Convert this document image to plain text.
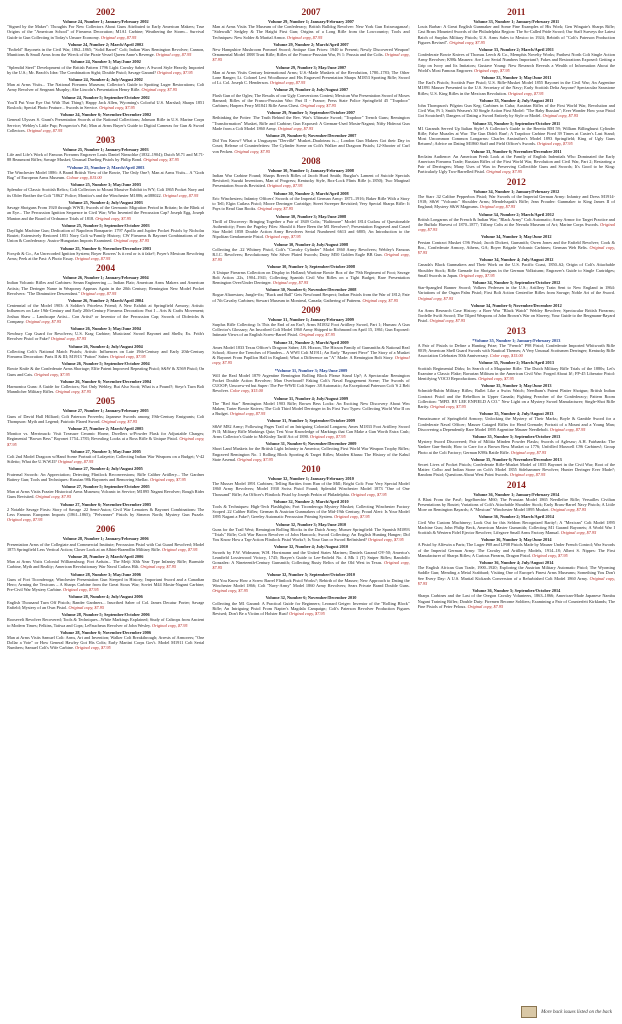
2002
Volume 24, Number 1; January/February 2002
"Signed by the Maker": Thoughts For New Collectors About Guns Attributed to Early American Makers; True Origins of the "American School" of Firearms Decoration; M1A1 Carbine; Weathering the Storm... Survival Guide to Gun Collecting in Today's Unsure Economy. Original copy, $7.95
Volume 24, Number 2; March/April 2002
"Enfield" Bayonets in the Civil War, 1862–1865; "Solid Barrel" Colt; Indian Wars Remington Revolver; Cannon, Munitions & Small Arms from the Wreck of the Pirate Vessel Queen Anne's Revenge. Original copy, $7.95
Volume 24, Number 3; May/June 2002
"Splendid Steel" Development of the British Pattern 1796 Light Cavalry Saber; A Sword Style Heavily Imported by the U.S.; Mr. Beach's Idea: The Combination Sight; Double Pistol; Savage Garand? Original copy, $7.95
Volume 24, Number 4; July/August 2002
Man at Arms Visits... The National Firearms Museum; Collector's Guide to Spotting Luger Restorations; Colt Army Revolver of Sergeant Murphy; Abe Lincoln's Presentation Henry Rifle. Original copy, $7.95
Volume 24, Number 5; September/October 2002
You'll Put Your Eye Out With That Thing!; Happy Jack Allen, Wyoming's Colorful U.S. Marshal; Sharps 1851 Boxlock; Special Photo Feature... Swords in Service. Original copy, $7.95
Volume 24, Number 6; November/December 2002
General Ulysses S. Grant's Presentation Swords at the National Collections; Johnson Rifle in U.S. Marine Corps Service; Webley's Little Pup; Prospector's Pal; Man at Arms Buyer's Guide to Digital Cameras for Gun & Sword Collectors. Original copy, $7.95
2003
Volume 25, Number 1; January/February 2003
Life and Life's Work of Famous Firearms Engraver Louis Daniel Nimschke (1832–1904); Dutch M.71 and M.71-88 Beaumont Rifles; Savage Musket; Unusual Dueling Pistols by Philip Bond. Original copy, $7.95
*Volume 25, Number 2; March/April 2003
The Winchester Model 1886: A Brand British View of the Bowie, The Only One?; Man at Arms Visits... A "Gods Bag" of European Arms Museum. Colour copy, $15.00
Volume 25, Number 3; May/June 2003
Splendor of Classic Scottish Relics; Colt Collectors to Mount Massive Exhibit in WY; Colt 1865 Pocket Navy and its Older Brother the Colt "1862" Police; Monitor's and the Winchester M1886; ar388022. Original copy, $7.95
Volume 25, Number 4; July/August 2003
Savage Shotguns From 1920 through WWII; Swords of the Germanic Migration Period in Britain; In the Blink of an Eye... The Percussion Ignition Sequence in Civil War; Who Invented the Percussion Cap? Joseph Egg, Joseph Manton and the Board of Ordnance Trials of 1818. Original copy, $7.95
Volume 25, Number 5; September/October 2003
Dayflight Machine Gun; Dedication of Napoleon Bonaparte: 1797 Apollo and Jupiter Pocket Pistols by Nicholas Boutet; Extensively Restored 1851 Navy Colt w/Family History; CW Firearms & Bayonet Combinations of the Union & Confederacy: Austro-Hungarian Imports Examined. Original copy, $7.95
Volume 25, Number 6; November/December 2003
Forsyth & Co., An Unrecorded Ignition System; Boyer Bowers' Is it real or is it fake?; Poyer's Mexican Revolving Arms; Peek at the Past: A Photo Essay. Original copy, $7.95
2004
Volume 26, Number 1; January/February 2004
Indian Volcanic Rifles and Carbines: Senan Engineering — Indian Flair; American Arms Makers and American Artists; The Deringer Name in Weaponry Appears Again in the 20th Century; Remington New Model Pocket Revolvers: "The Diminutive Descendant." Original copy, $7.95
Volume 26, Number 2; March/April 2004
Centennial of the Model 1903: A Soldier's Priceless Friend; A New Exhibit at Springfield Armory; Artistic Influences on Late 19th-Century and Early 20th-Century Firearms Decoration: Part I – Arts & Crafts Movement; Joshua Shaw – Landscape Artist... Con Artist? or Inventor of the Percussion Cap; Swords of Diderichs & Company. Original copy, $7.95
Volume 26, Number 3; May/June 2004
Newbury Cap Guard for Revolvers; U.S. Krag Carbine; Musicians' Sword Bayonet and Shells; Ex. Frith's Revolver Pistol or Fake? Original copy, $7.95
Volume 26, Number 4; July/August 2004
Collecting Colt's National Match Pistols; Artistic Influences on Late 19th-Century and Early 20th-Century Firearms Decoration: Parts II & III; M1913 "Patton" Saber. Original copy, $7.95
Volume 26, Number 5; September/October 2004
Bowie Knife & the Confederate Arms Shortage; Elfie Patent Improved Repeating Pistol; S&W & X569 Pistol; On Guns and Cats. Original copy, $7.95
Volume 26, Number 6; November/December 2004
Harmonica Guns: A Guide for Collectors; Not Only Webley, But Also Scott; What is a Pound?; Steyr's Turn Bolt Mannlicher Military Rifles. Original copy, $7.95
2005
Volume 27, Number 1; January/February 2005
Guns of David Hall Hilliard; Colt Paterson Proverbs; Japanese Swords among 19th-Century Emigrants; Colt Thompson: Myth and Legend; Patriotic Flared Sword. Original copy, $7.95
Volume 27, Number 2; March/April 2005
Monitor vs. Merrimack: Visit Treasure Ceramic Horne, Dwellers w/Powder Flask for Adjustable Charges; Regimental "Brown Bess" Bayonet 1754–1783; Revealing Looks at a Ross Rifle & Unique Pistol. Original copy, $7.95
Volume 27, Number 3; May/June 2005
Colt 2nd Model Dragoon w/Hand Scene Portrait of Lafayette; Collecting Indian War Weapons on a Budget; V-42 Stiletto; What the U.W.W.II? Original copy, $7.95
Volume 27, Number 4; July/August 2005
Fraternal Swords: An Appreciation; Detecting Flintlock Reconversions; Rifle Caliber Artillery... The Gardner Battery Gun; Tools and Techniques: Russian 98k Bayonets and Removing Shellac. Original copy, $7.95
Volume 27, Number 5; September/October 2005
Man at Arms Visits Frazier Historical Arms Museum; Volcanic in Service; M1895 Nagant Revolver; Rough Rider Guns Revisited. Original copy, $7.95
Volume 27, Number 6; November/December 2005
2 Notable Savage Firsts: Story of Savage .22 Semi-Autos; Civil War Lemaires & Bayonet Combinations: The Less Famous European Imports (1861–1865); "Pelvanner" Pistols by Simeon North; Mystery Gun Puzzle. Original copy, $7.95
2006
Volume 28, Number 1; January/February 2006
Presentation Arms of the Collegiate and Commercial Institute; Percussion Pistol with Cut Guard Revolved; Model 1875 Springfield Less Vertical Action; Closer Look at an Albini-Braendlin Military Rifle. Original copy, $7.95
Volume 28, Number 2; March/April 2006
Man at Arms Visits Colonial Williamsburg; Fort Arduin... The Meiji 30th Year Type Infantry Rifle; Burnside Carbine, Myth and Reality; American Revolutionary War Naval Cutlass Hilt. Original copy, $7.95
Volume 28, Number 3; May/June 2006
Guns of Fort Ticonderoga; Winchester Presentation Gun Steeped in History; Important Sword and a Canadian Hero; Arming the Texicans – A Sharps Carbine from the Great Sioux War; Soviet M44 Mosin-Nagant Carbine; Pre-Civil War Mystery Carbine. Original copy, $7.95
Volume 28, Number 4; July/August 2006
English Thousand Turn Off Pistols; Rander Gardners... Inscribed Saber of Col. James Decatur Porter; Savage Enfield; Mystery of an Own Pistol. Original copy, $7.95
Volume 28, Number 5; September/October 2006
Roosevelt Revolver Recovered; Tools & Techniques...White Markings Explained; Study of Caltrops from Ancient to Modern Times; Felkins, Tatiwa and Cops; LeFaucheux Revolver of John Wesley. Original copy, $7.95
Volume 28, Number 6; November/December 2006
Man at Arms Visits Samuel Colt: Arms, Art and Invention; Walker Colt Breakthrough; Arrests of Armorers; "One Dollar a Vote" or How General Hawley Got His Colts; Early Martini Corps Gov't. Model M1911 Colt Serial Numbers; Samuel Colt's Wife Carbine. Original copy, $7.95
2007
Volume 29, Number 1; January/February 2007
Man at Arms Visits The Museum of the Confederacy; British Bulldog Revolver: New York Gun Extravaganza!; "Sidewalk" Sedgley & The Haight First Gun; Origins of a Long Rifle from the Lowcountry; Tools and Techniques: New Solder & Marital Armor. Original copy, $7.95
Volume 29, Number 2; March/April 2007
New Hampshire Mushroom Pommel Sword; Antique Gun Prices: 1940 to Present; Newly Discovered Weapon! Ornamental Model 1888 Trust Rifle; Rifles of the Franco-Prussian War, Pt 1: Prussia and the Colts. Original copy, $7.95
Volume 29, Number 3; May/June 2007
Man at Arms Visits Century International Arms; U.S.-Made Muskets of the Revolution, 1780–1783; The Other Lone Ranger; Lt. Colonel Levi Woodhouse and His Engraved Presentation Sharps M1853 Sporting Rifle; Sword of Lt. Col. Joseph C. Henderson. Original copy, $7.95
Volume 29, Number 4; July/August 2007
Flash Gun of the Ogles; The Results of our Ugly Conversions Contest; Mexican War Presentation Sword of Moses Barnard; Rifles of the Franco-Prussian War: Part II - France; Press State Police Springfield 45 "Trapdoor" Carbines; Harpers Ferry M1841 Rifle Arms Chest. Original copy, $7.95
Volume 29, Number 5; September/October 2007
Rethinking the Potter: The Truth Behind the Rev. War's Ultimate Sword; "Trapdoor" Trench Guns; Remington "Transformation" Musket, Rifle and Carbine; Gun Exposed: A German-Used Mosin-Nagant; Nifty Hideout Gun Made from a Colt Model 1860 Army. Original copy, $7.95
Volume 29, Number 6; November/December 2007
Did You Know? What a Uruguayan "Dervillé" Musket–Dauloteau is...; London Gun Makers Got their Day in Court; Release of Counterfeiters: The Cylinder Scene on Colt's Walker and Dragoon Pistols; 12-Shooter of Curl von Pecken. Original copy, $7.95
2008
Volume 30, Number 1; January/February 2008
Indian War Carbine Found; Sharps Breech Rifles of Jacob Hurd Smith; Burglar's Lament of Suicide Specials Revisited; Suzuki Inventions, Man of Progress; Kentucky Style, Box-Lock Flints Rifle (c.1850); Two Marginal Presentation Swords Revisited. Original copy, $7.95
Volume 30, Number 2; March/April 2008
Eric Winchesters; Infantry Officers' Swords of the Imperial German Army: 1871–1916; Baker Rifle With a Story to Tell; Elgin Cutlass Pistol; Moore Derringer Cartridge; Street Sweeper Revisited; Very Special Sharps Rifle: It Pays to Read Gun Books. Original copy, $7.95
Volume 30, Number 3; May/June 2008
Thrill of Discovery: Bringing Together a Pair of 1849 Colts; "Baltimore" Model 1814 Cutlass of Questionable Authenticity; From the Pageloy Files: Should it Have Been the M1 Revolver?; Presentation Engraved and Cased Star Model 1858 Double Action Army Revolvers Serial Numbered 6613 and 6805; An Introduction to the Nipolitan Gendarmerie Pistol. Original copy, $7.95
Volume 30, Number 4; July/August 2008
Collecting the .22 Whitney Pistol, Colt's "Cavalry Cylinder" Model 1860 Army Revolvers; Webley's Famous R.I.C. Revolvers; Revolutionary War Silver Plated Swords; Daisy M50 Golden Eagle BB Gun. Original copy, $7.95
Volume 30, Number 5; September/October 2008
A Unique Firearms Collection on Display in Holland; Wartime Bowie Box of the 79th Regiment of Foot; Savage Bolt Action .22s, 1904–1941; Collecting Spanish Civil War Rifles on a Tight Budget; Rare Presentation Remington Over/Under Derringer. Original copy, $7.95
Volume 30, Number 6; November/December 2008
Rogue Altarestars; Jungle-fix; "Buck and Ball" Gets Newfound Respect; Indian Pistols from the War of 1812; Fate of 7th Cavalry Carbines; Stewart Museum in Montreal, Canada; Gathering of Patterns. Original copy, $7.95
2009
Volume 31, Number 1; January/February 2009
Surplus Rifle Collecting: Is This the End of an Era?; Arms M1832 Foot Artillery Sword, Part 1; Human: A Gun Collector's Glossary; An Inscribed Colt Model 1860 Army Shipped to Richmond on April 15, 1861; Gun Exposed: Intimate Views of an English Screw-Barrel Pistol. Original copy, $7.95
Volume 31, Number 2; March/April 2009
Ames Model 1833 Texas Officer's Dragoon Saber; J.B. Hixson, The Hixson Family of Gunsmiths & National Real School; Above the Trenches of Flanders... A WWI Colt M1911; An Early "Bayonet Piece" The Story of a Musket & Bayonet From Papillon Hall in England; What a Difference an "A" Made: A Remington Bolt Story. Original copy, $7.95
*Volume 31, Number 3; May/June 2009
Will the Real Model 1879 Argentine Remington Rolling Block Please Stand Up?; A Spectacular Remington Pocket Double Action Revolver; Man Overboard! Faking Colt's Naval Engagement Scene; The Swords of CUOOP; Unscrew-ed but Super: The Pre-WWII Colt Super .38 Automatic; An Exceptional Paterson Colt 'S 2 Belt Revolver. Color copy, $15.00
Volume 31, Number 4; July/August 2009
The "Red Star" Remington Model 1903 Rifle; Brown Bess Locks: An Exciting New Discovery About Wm Maken; Tarter Bowie Knives; The Colt Third Model Derringer in Its First Two Types: Collecting World War II on a Budget. Original copy, $7.95
Volume 31, Number 5; September/October 2009
S&W M82 Army; Following Pages Trail of an Intriguing Colonial Longarm; Ames M1833 Foot Artillery Sword Pt II; Military Rifle Markings Quiz; Test Your Knowledge of Markings that Can Make a Gun Worth Extra Cash; Arms Collector's Guide to McKinley Tariff Act of 1890. Original copy, $7.95
Volume 31, Number 6; November/December 2009
Short Land Muskets for the British Light Infantry in America; Collecting First World War Weapon Trophy Rifles; Engraved Remington No. 1 Rolling Block Sporting & Target Rifles; Maiden Khana: The History of the Kabul State Arsenal. Original copy, $7.95
2010
Volume 32, Number 1; January/February 2010
The Musser Model 1891 Carbines; Telling Rarities from Run of the Mill; Bright Colt: Four Very Special Model 1860 Army Revolvers; Model 1930 Swiss Pistol Found; Splendid Winchester Model 1873 "One of One Thousand" Rifle; An Officer's Flintlock Pistol by Joseph Perkin of Philadelphia. Original copy, $7.95
Volume 32, Number 2; March/April 2010
Tools & Techniques: High-Tech Flashlights; Fort Ticonderoga Mystery Musket; Collecting Winchester Factory Scoped .22 Caliber Rifles; German & Austrian Gunmakers of the Mid-19th Century; Proud Alert: Is Your Model 1895 Nagant a Fake?; Greeley Automatic Percussion Priming System. Original copy, $7.95
Volume 32, Number 3; May/June 2010
Guns for the Trail West; Remington Rolling Blocks in the Dutch Army; Musser Springfield: The Spanish M1893 "Trials" Rifle; Colt War Bacon Revolver of John Hancock; Sword Collecting: An English Hunting Hanger; Did You Know How a Tap-Action Flintlock Pistol Works?; Is Your Gun or Sword Refinished? Original copy, $7.95
Volume 32, Number 4; July/August 2010
Swords by F.W. Widmann; W.H. Horstmann and the United States Marines; Daniels Garand OV-50; America's Leanfield Lossiewood Victory, 1745; Brayer's Guide to Lee-Enfield No. 4 Mk 1 (T) Sniper Rifles; Randolfo Gonzalez: A Nineteenth-Century Gunsmith; Collecting Rusty Relics of the Old West in Texas. Original copy, $7.95
Volume 32, Number 5; September/October 2010
Did You Know How a Screw Barrel Flintlock Pistol Works?; Rebirth of the Mauser; New Approach to Dating the Winchester Model 1866; Colt "Navy-Army" Model 1860 Army Revolvers; Sears Private Brand Double Guns. Original copy, $7.95
Volume 32, Number 6; November/December 2010
Collecting the M1 Garand: A Practical Guide for Beginners; Leonard Geiger: Inventor of the "Rolling Block" Rifle; An Intriguing Pistol From Napier's Magdala Campaign; Colt's Paterson Revolver Production Figures Revised; Don't Be a Victim of Holster Rust! Original copy, $7.95
2011
Volume 33, Number 1; January/February 2011
Louis Barbar: A Great English Gunmaker and Some Fine Examples of His Work; Gen Wingate's Sharps Rifle; Cast Brass Mounted Swords of the Philadelphia Region: The So-Called Pride Sword; Our Staff Surveys the Latest Batch of Surplus Military Pistols; U.S. Arms Sales to Mexico in 1924; Rebirth of "Colt's Paterson Production Figures Revised". Original copy, $7.95
Volume 33, Number 2; March/April 2011
Confederate Bowie Knives of Thomas Leech & Co., Memphis Novelty Works; Parthest North Colt Single Action Army Revolver; K98k Mausers: Are Low Serial Numbers Important?; Fakes and Restorations Exposed: Getting a Grip on Ivory and Its Imitators; Gustave Young: New Research Reveals a Wealth of Information About the World's Most Famous Engraver. Original copy, $7.95
Volume 33, Number 3; May/June 2011
The Earl's Pistols; Scottish Pure Pistol; U.S. Rifle-Musket Model 1855 Bayonet in the Civil War; An Argentine M1891 Mauser Presented to the U.S. Secretary of the Navy; Early Scottish Delta Anyone? Spectacular Sarastone Rifles; U.S. King Rifles in the Mexican Revolution. Original copy, $7.95
Volume 33, Number 4; July/August 2011
John Thompson's Pilgrim Gun Keg; Carbines in Cuba; Austrian Rifles of the First World War, Revolution and Civil War, Pt 1; Smith Weasen's 30 Single Action First Model: "The Baby Russian"; Ever Wonder How your Pistol Got Scratched?; Dangers of Dating a Sword Entirely by Style or Model. Original copy, $7.95
Volume 33, Number 5; September/October 2011
M1 Garands Served Up Italian Style! A Collector's Guide to the Beretta BM 59; William Billinghurst Cylinder Rifle; False Muzzles at War: The Gun Didn't Run!; A Trapdoor Carbine Fired 39 Times at Custer's Last Stand; Most Uncommon Common Longarms: Charles Anstruther's Model 1893 Springfield; King of Ugly Guns Returns!; Advice on Dating M1860 Staff and Field Officer's Swords. Original copy, $7.95
Volume 33, Number 6; November/December 2011
Reclaim Audience: An American Fresh Look at the Family of English Indentials Who Dominated the Early American Firearms Trade; Russian Rifles of the First World War, Revolution and Civil War, Part 2; Restarting a Pair of Derringers; Many Uses of Wax in Preserving Collectible Guns and Swords; It's Good to be King: Particularly Ugly Two-Barrelled Pistol. Original copy, $7.95
2012
Volume 34, Number 1; January/February 2012
The Starr .32 Calibre Pepperbox Pistol; War Swords of the Imperial German Army: Infantry and Dress M1914-1918; S&W "Volcanic" Shoulder Arms; Mendelsspak's Rifle; Jean Prouder: Gunmaker to King James II of England; Mystery S&W Magnums. Original copy, $7.95
Volume 34, Number 2; March/April 2012
British Longarms of the French & Indian War; "Black Army" Colt Automatic; Army Armor for Target Practice and the Buffalo Harvest of 1870–1877; Tiffany Colts at the Nevada Museum of Art; Marine Corps Swords. Original copy, $7.95
Volume 34, Number 3; May/June 2012
Persian Contract Musket C96 Pistol; Jacob Dickert, Gunsmith; Owen Jones and the Enfield Revolver; Cook & Bro., Confederate Armory, Athens, GA; Boyer Brigade Volcanic Carbines; German Web Belts. Original copy, $7.95
Volume 34, Number 4; July/August 2012
Canada's Black Gunmakers and Their Work on the U.S. Pacific Coast, 1850–62; Origin of Colt's Attachable Shoulder Stock; Rifle Grenade for Shotguns in the German Volksturm; Engraver's Guide to Single Cartridges; Small Swords in Japan. Original copy, $7.95
Volume 34, Number 5; September/October 2012
Star-Spangled Banner Sword; Volkers Pedersen in the U.S.; Artillery Train Sent to New England in 1864: Variations of the Osgan Palm Pistol; First Bolt Action Centerfire Rifles from Savage; Noble Art of the Sword. Original copy, $7.95
Volume 34, Number 6; November/December 2012
An Arms Research Case History: a Boer War "Black Watch" Webley Revolver; Spectacular British Firearms; Tordelle Swift Sword; The Tilped Weapons of John Brown's War on Slavery; Your Guide to the Bergmann-Bayard Pistol. Original copy, $7.95
2013
*Volume 35, Number 1; January/February 2013
A Pair of Pistols to Define a Hunting Prize; The "French" P98 Pistol; Confederate Imported Whitworth Rifle 8019; American Shell Guard Swords with Nautical Themes; A Very Unusual Scottsmen Derringer; Kentucky Rifle Association Celebrates 50th Anniversary. Color copy, $15.00
Volume 35, Number 2; March/April 2013
Scottish Regimental Dirks; In Search of a Magazine Rifle: The Dutch Military Rifle Trials of the 1880s; Let's Examine a Classic Flake; Bavarian Militum in the American Civil War: Forged About It!; FP-45 Liberator Pistol: Identifying VOCO Reproductions. Original copy, $7.95
Volume 35, Number 3; May/June 2013
Schmidt-Rubin Military Rifles; Bullet Like a Swiss Watch; Needham's Patent Platter Shotgun; British Indian Contract Pistol and the Rebellion in Upper Canada; Fighting Preacher of the Confederacy; Pattern Room Collection: "MFD. BY LEE ENFIELD A CO." New Light on a Mystery Sword Manufacturer; Single-Shot Rifle Rarity. Original copy, $7.95
Volume 35, Number 4; July/August 2013
Fmnaissance of Springfield Armory; Unlocking the Mystery of Their Marks; Boyle & Gamble Sword for a Confederate Naval Officer; Mauser Cataged Rifles for Head Grenade; Portrait of a Mount and a Young Man; Discovering a Dependently Rare Model 1895 Argentine Mauser Needlebolt. Original copy, $7.95
Volume 35, Number 5; September/October 2013
Mystery Sword Discovered; Pair of Militia Minden Powder Flasks; Swords of Aglesaw; A.H. Fairbanks: The Yankee Gun-Smith; How to Care for a Brown Bess Musket ca 1776; Unfrilled Maxwell C96 Carbines!; Group Photo at the Colt Factory; German K98k Rattle Rifle. Original copy, $7.95
Volume 35, Number 6; November/December 2013
Secret Lives of Pocket Pistols; Confederate Rifle-Musket Model of 1855 Bayonet in the Civil War; Root of the Matter: Colbo and Indian Stone on Colt's Model 1855 Sidehammer Revolver; Hunter Deringer Ever Made?; Random Pistol; Questions About West Point Swords. Original copy, $7.95
2014
Volume 36, Number 1; January/February 2014
A Blast From the Past!; Ingelbrechte M60; The Prussian Model 1865 Needlefire Rifle; Versailles Civilian Presentations by Boutet; Variations of Colt's Attachable Shoulder Stock; Early Brass-Barrel Navy Pistols; A Little More on Remington Bayards; A "Mexican" Winchester Model 1895 Musket. Original copy, $7.95
Volume 36, Number 2; March/April 2014
Civil War Custom Machinery; Look Out for this Seldom Recognized Rarity!; A "Mexican" Colt Model 1895 Machine Gun; John Philip Beck, American Master Gunsmith; Collecting M1 Garand Bayonets; A World War I Scottish & Western Fidel Ejector Revolver; Lifegave Small Arms Factory Manual. Original copy, $7.95
Volume 36, Number 3; May/June 2014
A Pistol by Alfewin a Paris; The Luger P08 and LP08 Pistols Made by Mauser Under French Control; War Swords of the Imperial German Army: The Cavalry and Artillery Models, 1914–18; Albert S. Nippes: The First Manufacturer of Sharps Rifles; A Curious Firearm, Dragon Pistol. Original copy, $7.95
Volume 36, Number 4; July/August 2014
The English African Gun Trade, 1900–1920; Exploring the Austrian Military Automatic Pistol; The Wyoming Saddle Gun; Mending a Metal Scabbard; Visiting One of Europe's Finest Arms Museums; Something You Don't See Every Day: A U.S. Martial Kickards Conversion of a Refurbished Colt Model 1860 Army. Original copy, $7.95
Volume 36, Number 5; September/October 2014
Sharps Carbines and the Last of the Oregon Cavalry Volunteers, 1863–1866; American-Made Japanese Nambu Nagant Training Rifles; Double Duty: Firemen Become Soldiers; Examining a Pair of Counterfeit Kirklands; The Fine Pistols of Peter Peloux. Original copy, $7.95
More back issues listed on the back
